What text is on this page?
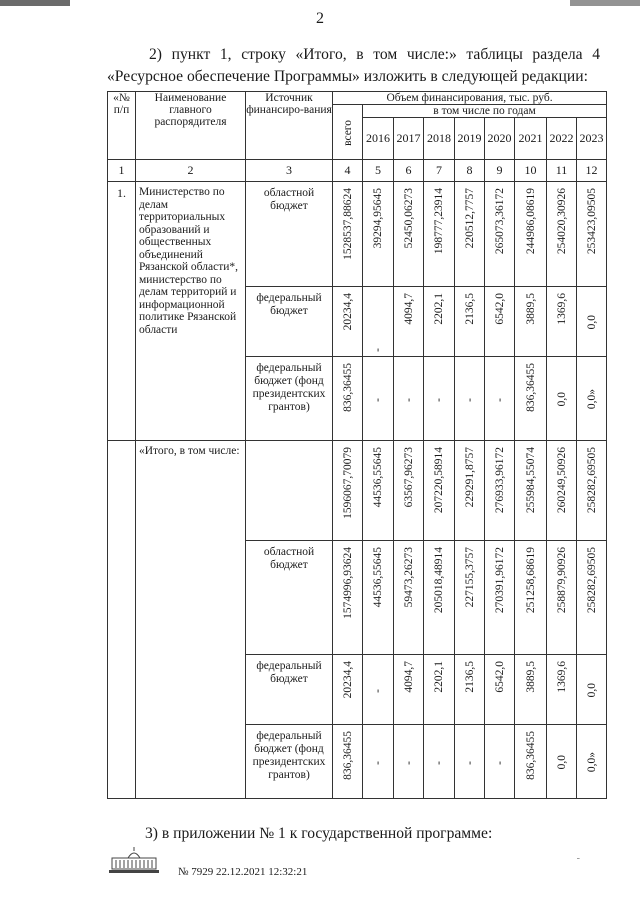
2
2) пункт 1, строку «Итого, в том числе:» таблицы раздела 4 «Ресурсное обеспечение Программы» изложить в следующей редакции:
«№ п/п	Наименование главного распорядителя	Источник финансиро-вания	Объем финансирования, тыс. руб.								

			всего	в том числе по годам							
				2016	2017	2018	2019	2020	2021	2022	2023
1	2	3	4	5	6	7	8	9	10	11	12
1.	Министерство по делам территориальных образований и общественных объединений Рязанской области*, министерство по делам территорий и информационной политике Рязанской области	областной бюджет	1528537,88624	39294,95645	52450,06273	198777,23914	220512,7757	265073,36172	244986,08619	254020,30926	253423,09505

		федеральный бюджет	20234,4	-	4094,7	2202,1	2136,5	6542,0	3889,5	1369,6	0,0

		федеральный бюджет (фонд президентских грантов)	836,36455	-	-	-	-	-	836,36455	0,0	0,0»

	«Итого, в том числе:		1596067,70079	44536,55645	63567,96273	207220,58914	229291,8757	276933,96172	255984,55074	260249,50926	258282,69505

		областной бюджет	1574996,93624	44536,55645	59473,26273	205018,48914	227155,3757	270391,96172	251258,68619	258879,90926	258282,69505

		федеральный бюджет	20234,4	-	4094,7	2202,1	2136,5	6542,0	3889,5	1369,6	0,0

		федеральный бюджет (фонд президентских грантов)	836,36455	-	-	-	-	-	836,36455	0,0	0,0»
3) в приложении № 1 к государственной программе:
№ 7929 22.12.2021 12:32:21
-
